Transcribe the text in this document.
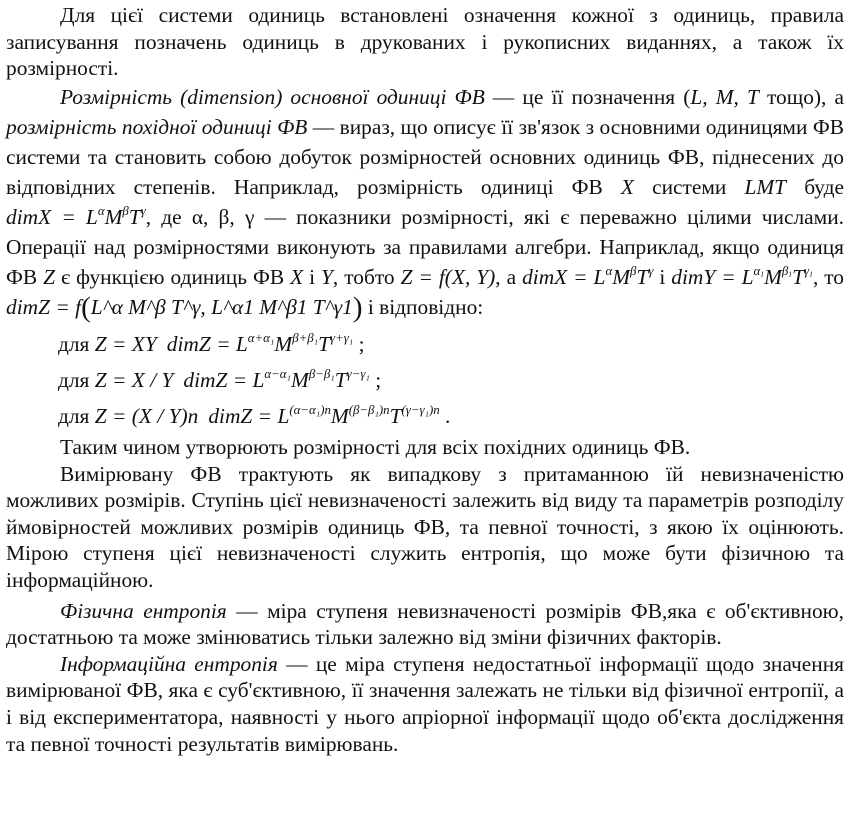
Для цієї системи одиниць встановлені означення кожної з одиниць, правила записування позначень одиниць в друкованих і рукописних виданнях, а також їх розмірності.

Розмірність (dimension) основної одиниці ФВ — це її позначення (L, M, T тощо), а розмірність похідної одиниці ФВ — вираз, що описує її зв'язок з основними одиницями ФВ системи та становить собою добуток розмірностей основних одиниць ФВ, піднесених до відповідних степенів. Наприклад, розмірність одиниці ФВ X системи LMT буде dimX = $L^\alpha M^\beta T^\gamma$, де α, β, γ — показники розмірності, які є переважно цілими числами. Операції над розмірностями виконують за правилами алгебри. Наприклад, якщо одиниця ФВ Z є функцією одиниць ФВ X і Y, тобто Z = f(X, Y), а dimX = $L^\alpha M^\beta T^\gamma$ і dimY = $L^{\alpha_1}M^{\beta_1}T^{\gamma_1}$, то dimZ = f(L^α M^β T^γ, L^α1 M^β1 T^γ1) і відповідно:

для Z = XY dimZ = $L^{\alpha+\alpha_1}M^{\beta+\beta_1}T^{\gamma+\gamma_1}$ ;

для Z = X / Y dimZ = $L^{\alpha-\alpha_1}M^{\beta-\beta_1}T^{\gamma-\gamma_1}$ ;

для Z = (X / Y)n dimZ = $L^{(\alpha-\alpha_1)n}M^{(\beta-\beta_1)n}T^{(\gamma-\gamma_1)n}$ .

Таким чином утворюють розмірності для всіх похідних одиниць ФВ.

Вимірювану ФВ трактують як випадкову з притаманною їй невизначеністю можливих розмірів. Ступінь цієї невизначеності залежить від виду та параметрів розподілу ймовірностей можливих розмірів одиниць ФВ, та певної точності, з якою їх оцінюють. Мірою ступеня цієї невизначеності служить ентропія, що може бути фізичною та інформаційною.

Фізична ентропія — міра ступеня невизначеності розмірів ФВ,яка є об'єктивною, достатньою та може змінюватись тільки залежно від зміни фізичних факторів.

Інформаційна ентропія — це міра ступеня недостатньої інформації щодо значення вимірюваної ФВ, яка є суб'єктивною, її значення залежать не тільки від фізичної ентропії, а і від експериментатора, наявності у нього апріорної інформації щодо об'єкта дослідження та певної точності результатів вимірювань.
